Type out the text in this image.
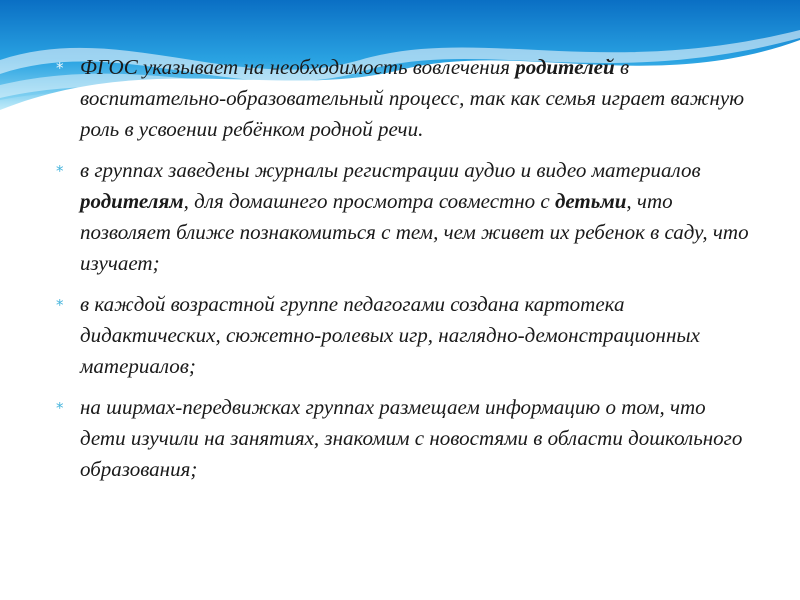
* ФГОС указывает на необходимость вовлечения родителей в воспитательно-образовательный процесс, так как семья играет важную роль в усвоении ребёнком родной речи.
* в группах заведены журналы регистрации аудио и видео материалов родителям, для домашнего просмотра совместно с детьми, что позволяет ближе познакомиться с тем, чем живет их ребенок в саду, что изучает;
* в каждой возрастной группе педагогами создана картотека дидактических, сюжетно-ролевых игр, наглядно-демонстрационных материалов;
* на ширмах-передвижках группах размещаем информацию о том, что дети изучили на занятиях, знакомим с новостями в области дошкольного образования;
